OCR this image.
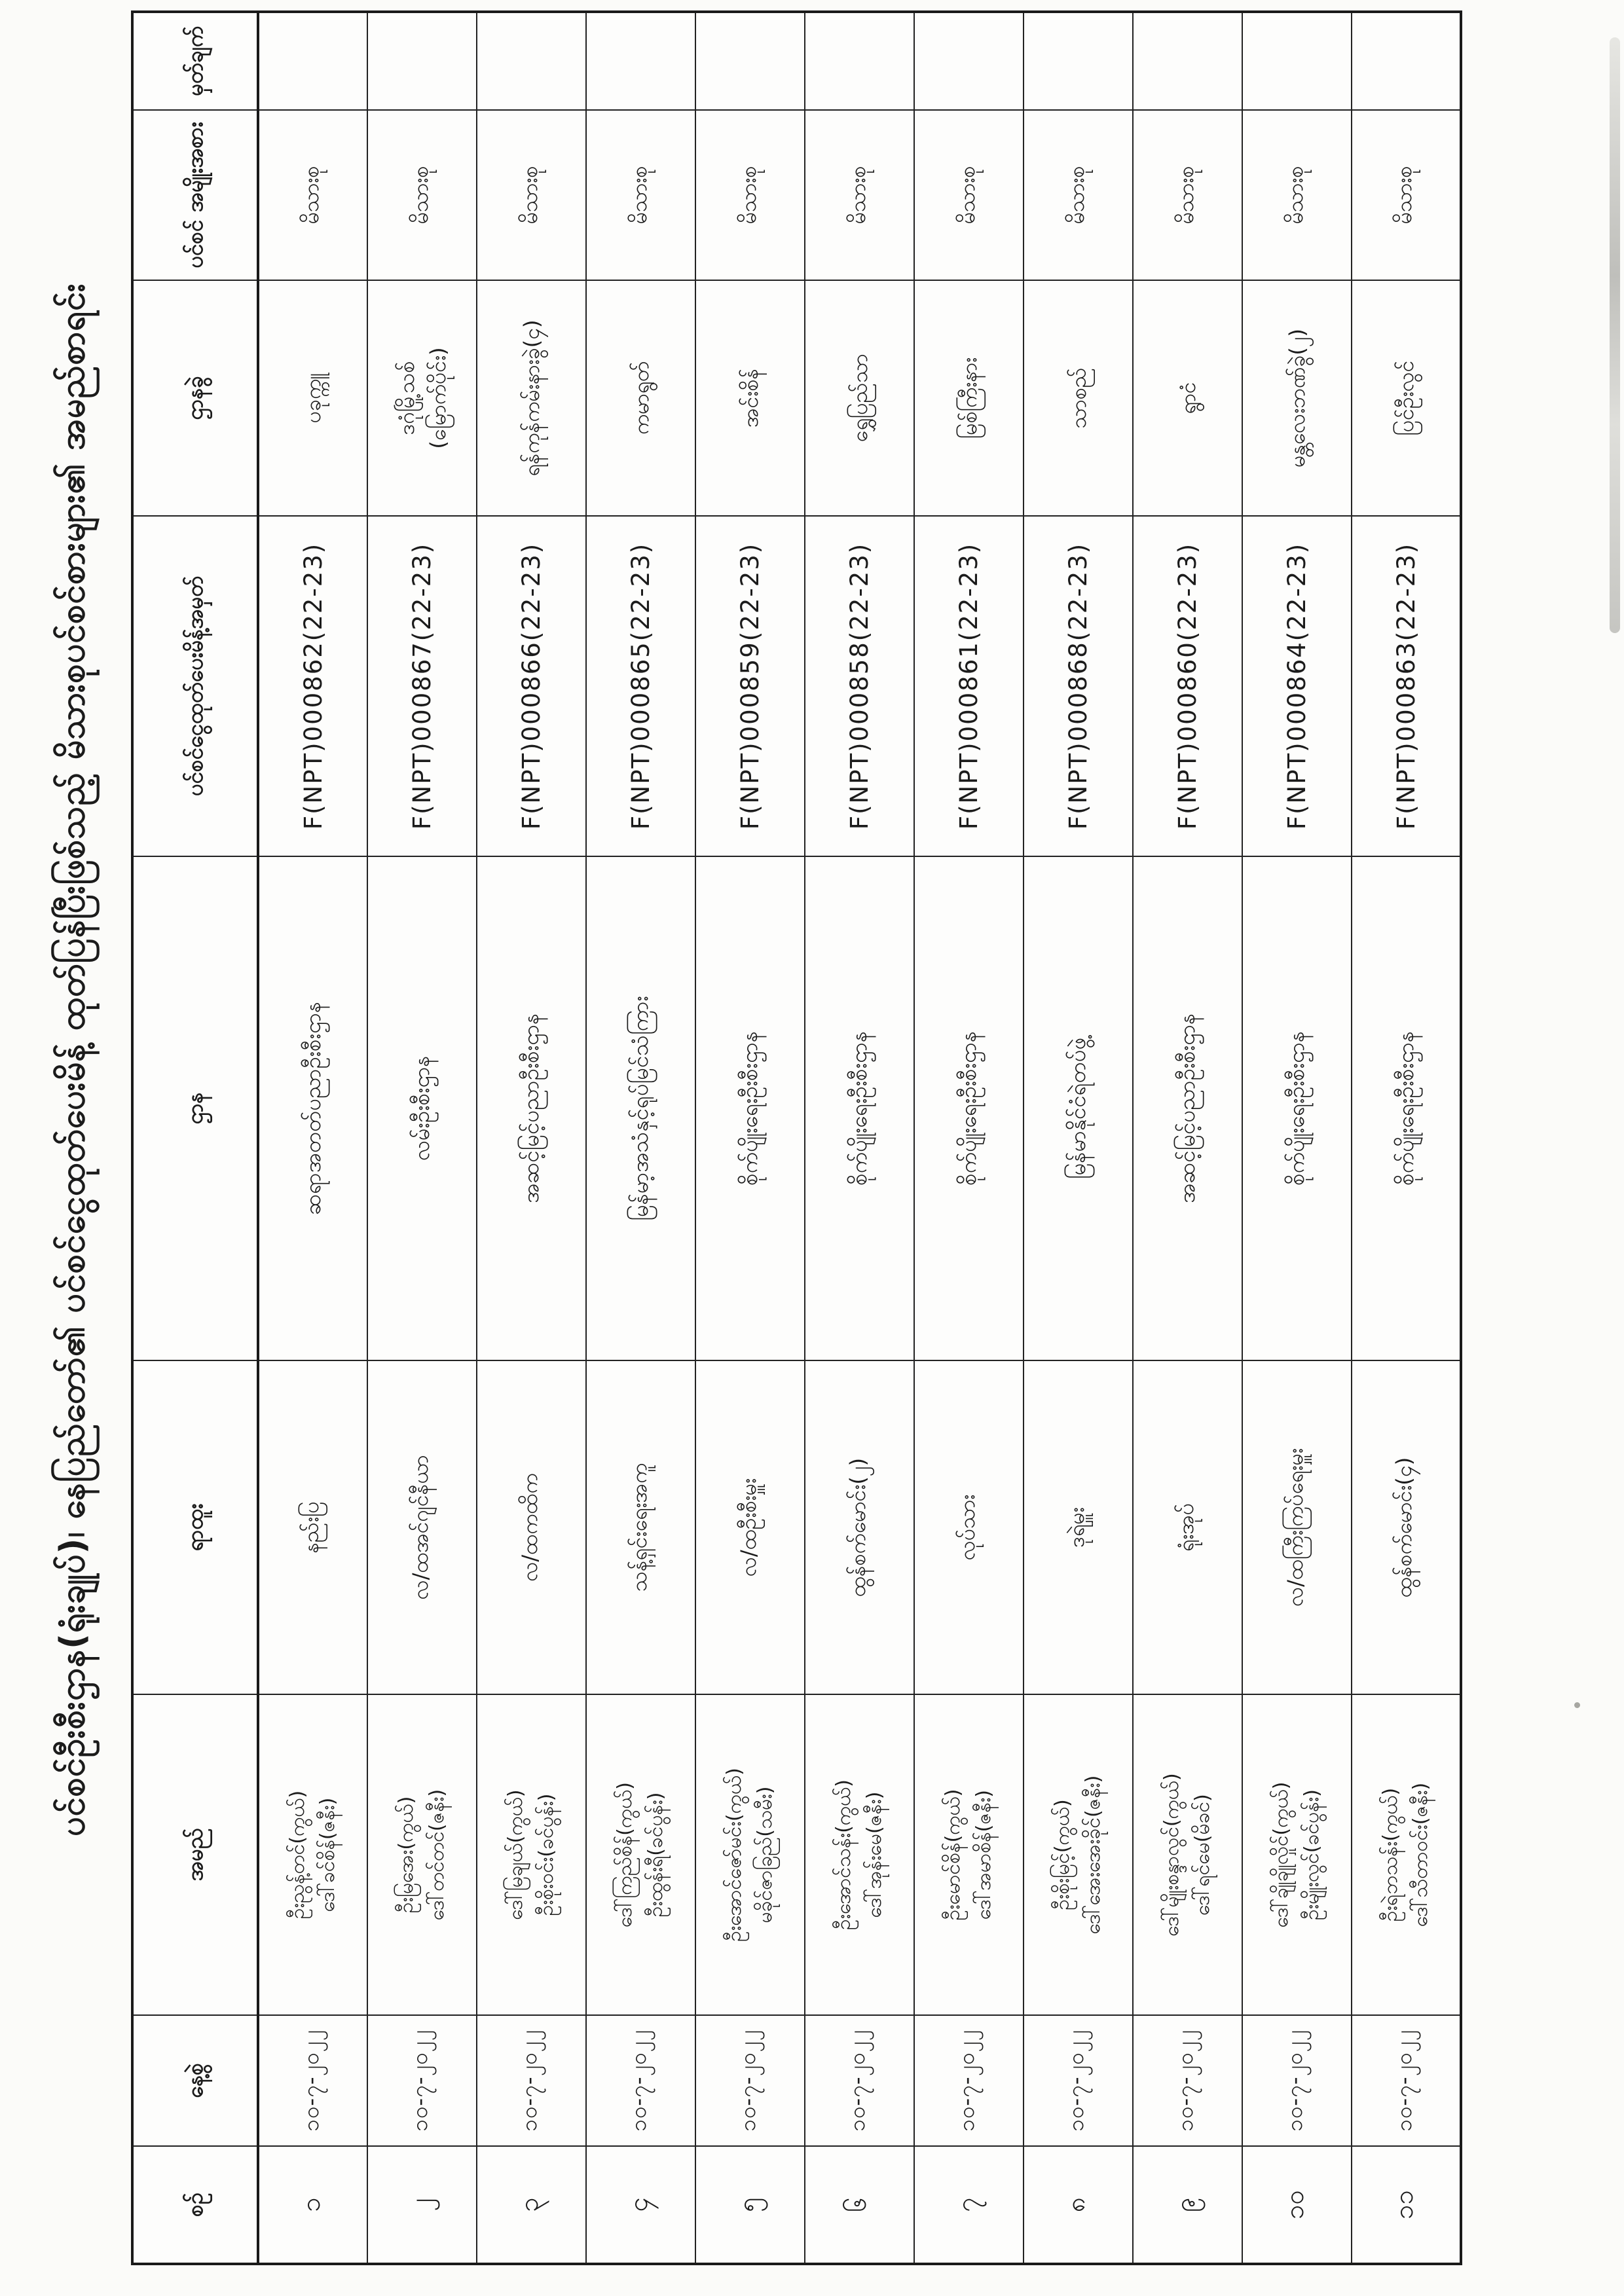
ပင်စင်ဦးစီးဌာန(ရုံးချုပ်)၊ နေပြည်တော်၏ ပင်စင်ငွေထုတ်ပေးမိန့် ထုတ်ပြန်ပြီးဖြစ်သည့် မိသားစုပင်စင်စားများ၏ အမည်စာရင်း
စဉ်	နေ့စွဲ	အမည်	ရာထူး	ဌာန	ပင်စင်ငွေထုတ်ပေးမိန့်အမှတ်	ဌာနခွဲ	ပင်စင် အမျိုးအစား	မှတ်ချက်
၁	၁၀-၇-၂၀၂၂	ဦးညွန့်တင်(ကွယ်) ဒေါ်ခင်စိန်(ဇနီး)	နည်းပြ	ဆရာအတတ်ပညာဦးစီးဌာန	F(NPT)000862(22-23)	ပခုက္ကူ	မိသားစု	
၂	၁၀-၇-၂၀၂၂	ဦးမြအေး(ကွယ်) ဒေါ်တင်တင်(ဇနီး)	လ/ထအင်ဂျင်နီယာ	လမ်းဦးစီးဌာန	F(NPT)000867(22-23)	ဒဂုံမြို့သစ် (မြောက်ပိုင်း)	မိသားစု	
၃	၁၀-၇-၂၀၂၂	ဒေါ်မြချယ်(ကွယ်) ဦးစိုးဝင်း(ခင်ပွန်း)	လ/ထကထိက	အဆင့်မြင့်ပညာဦးစီးဌာန	F(NPT)000866(22-23)	ရန်ကုန်ကမ်းနားခွဲ(၄)	မိသားစု	
၄	၁၀-၇-၂၀၂၂	ဒေါ်ကြည်စိန်(ကွယ်) ဦးထွန်းရီ(ခင်ပွန်း)	သန့်ရှင်းရေးအကူ	မြန်မာ့အသံနှင့်ရုပ်မြင်သံကြား	F(NPT)000865(22-23)	ကမာရွတ်	မိသားစု	
၅	၁၀-၇-၂၀၂၂	ဦးအောင်ဇော်မင်း(ကွယ်) မခိုင်ဇာခြည်(သမီး)	လ/ထဦးစီးမှူး	စိုက်ပျိုးရေးဦးစီးဌာန	F(NPT)000859(22-23)	အင်းစိန်	မိသားစု	
၆	၁၀-၇-၂၀၂၂	ဦးအောင်သန်း(ကွယ်) ဒေါ်အုန်းမေ(ဇနီး)	ထွန်စက်မောင်း(၂)	စိုက်ပျိုးရေးဦးစီးဌာန	F(NPT)000858(22-23)	ရွှေပြည်သာ	မိသားစု	
၇	၁၀-၇-၂၀၂၂	ဦးမောင်စိန်(ကွယ်) ဒေါ်အမာစိန်(ဇနီး)	လုပ်သား	စိုက်ပျိုးရေးဦးစီးဌာန	F(NPT)000861(22-23)	မြစ်ကြီးနား	မိသားစု	
၈	၁၀-၇-၂၀၂၂	ဦးစိုးမြင့်(ကွယ်) ဒေါ်အေးအေးခိုင်(ဇနီး)	ဒုရဲမှူး	မြန်မာနိုင်ငံရဲတပ်ဖွဲ့	F(NPT)000868(22-23)	သာစည်	မိသားစု	
၉	၁၀-၇-၂၀၂၂	ဒေါ်မျိုးစန္ဒာလွင်(ကွယ်) ဒေါ်ရင်မေ(မိခင်)	ရုံးအုပ်	အဆင့်မြင့်ပညာဦးစီးဌာန	F(NPT)000860(22-23)	ရွာငံ	မိသားစု	
၁၀	၁၀-၇-၂၀၂၂	ဒေါ်ချိုချိုလှိုင်(ကွယ်) ဦးမျိုးလွင်(ခင်ပွန်း)	လ/ထကြီးကြပ်ရေးမှူး	စိုက်ပျိုးရေးဦးစီးဌာန	F(NPT)000864(22-23)	မန္တလေးဘဏ်ခွဲ(၂)	မိသားစု	
၁၁	၁၀-၇-၂၀၂၂	ဦးရဲဘသန်း(ကွယ်) ဒေါ်သီတာဝင်း(ဇနီး)	ထွန်စက်မောင်း(၄)	စိုက်ပျိုးရေးဦးစီးဌာန	F(NPT)000863(22-23)	ပြင်ဦးလွင်	မိသားစု	
